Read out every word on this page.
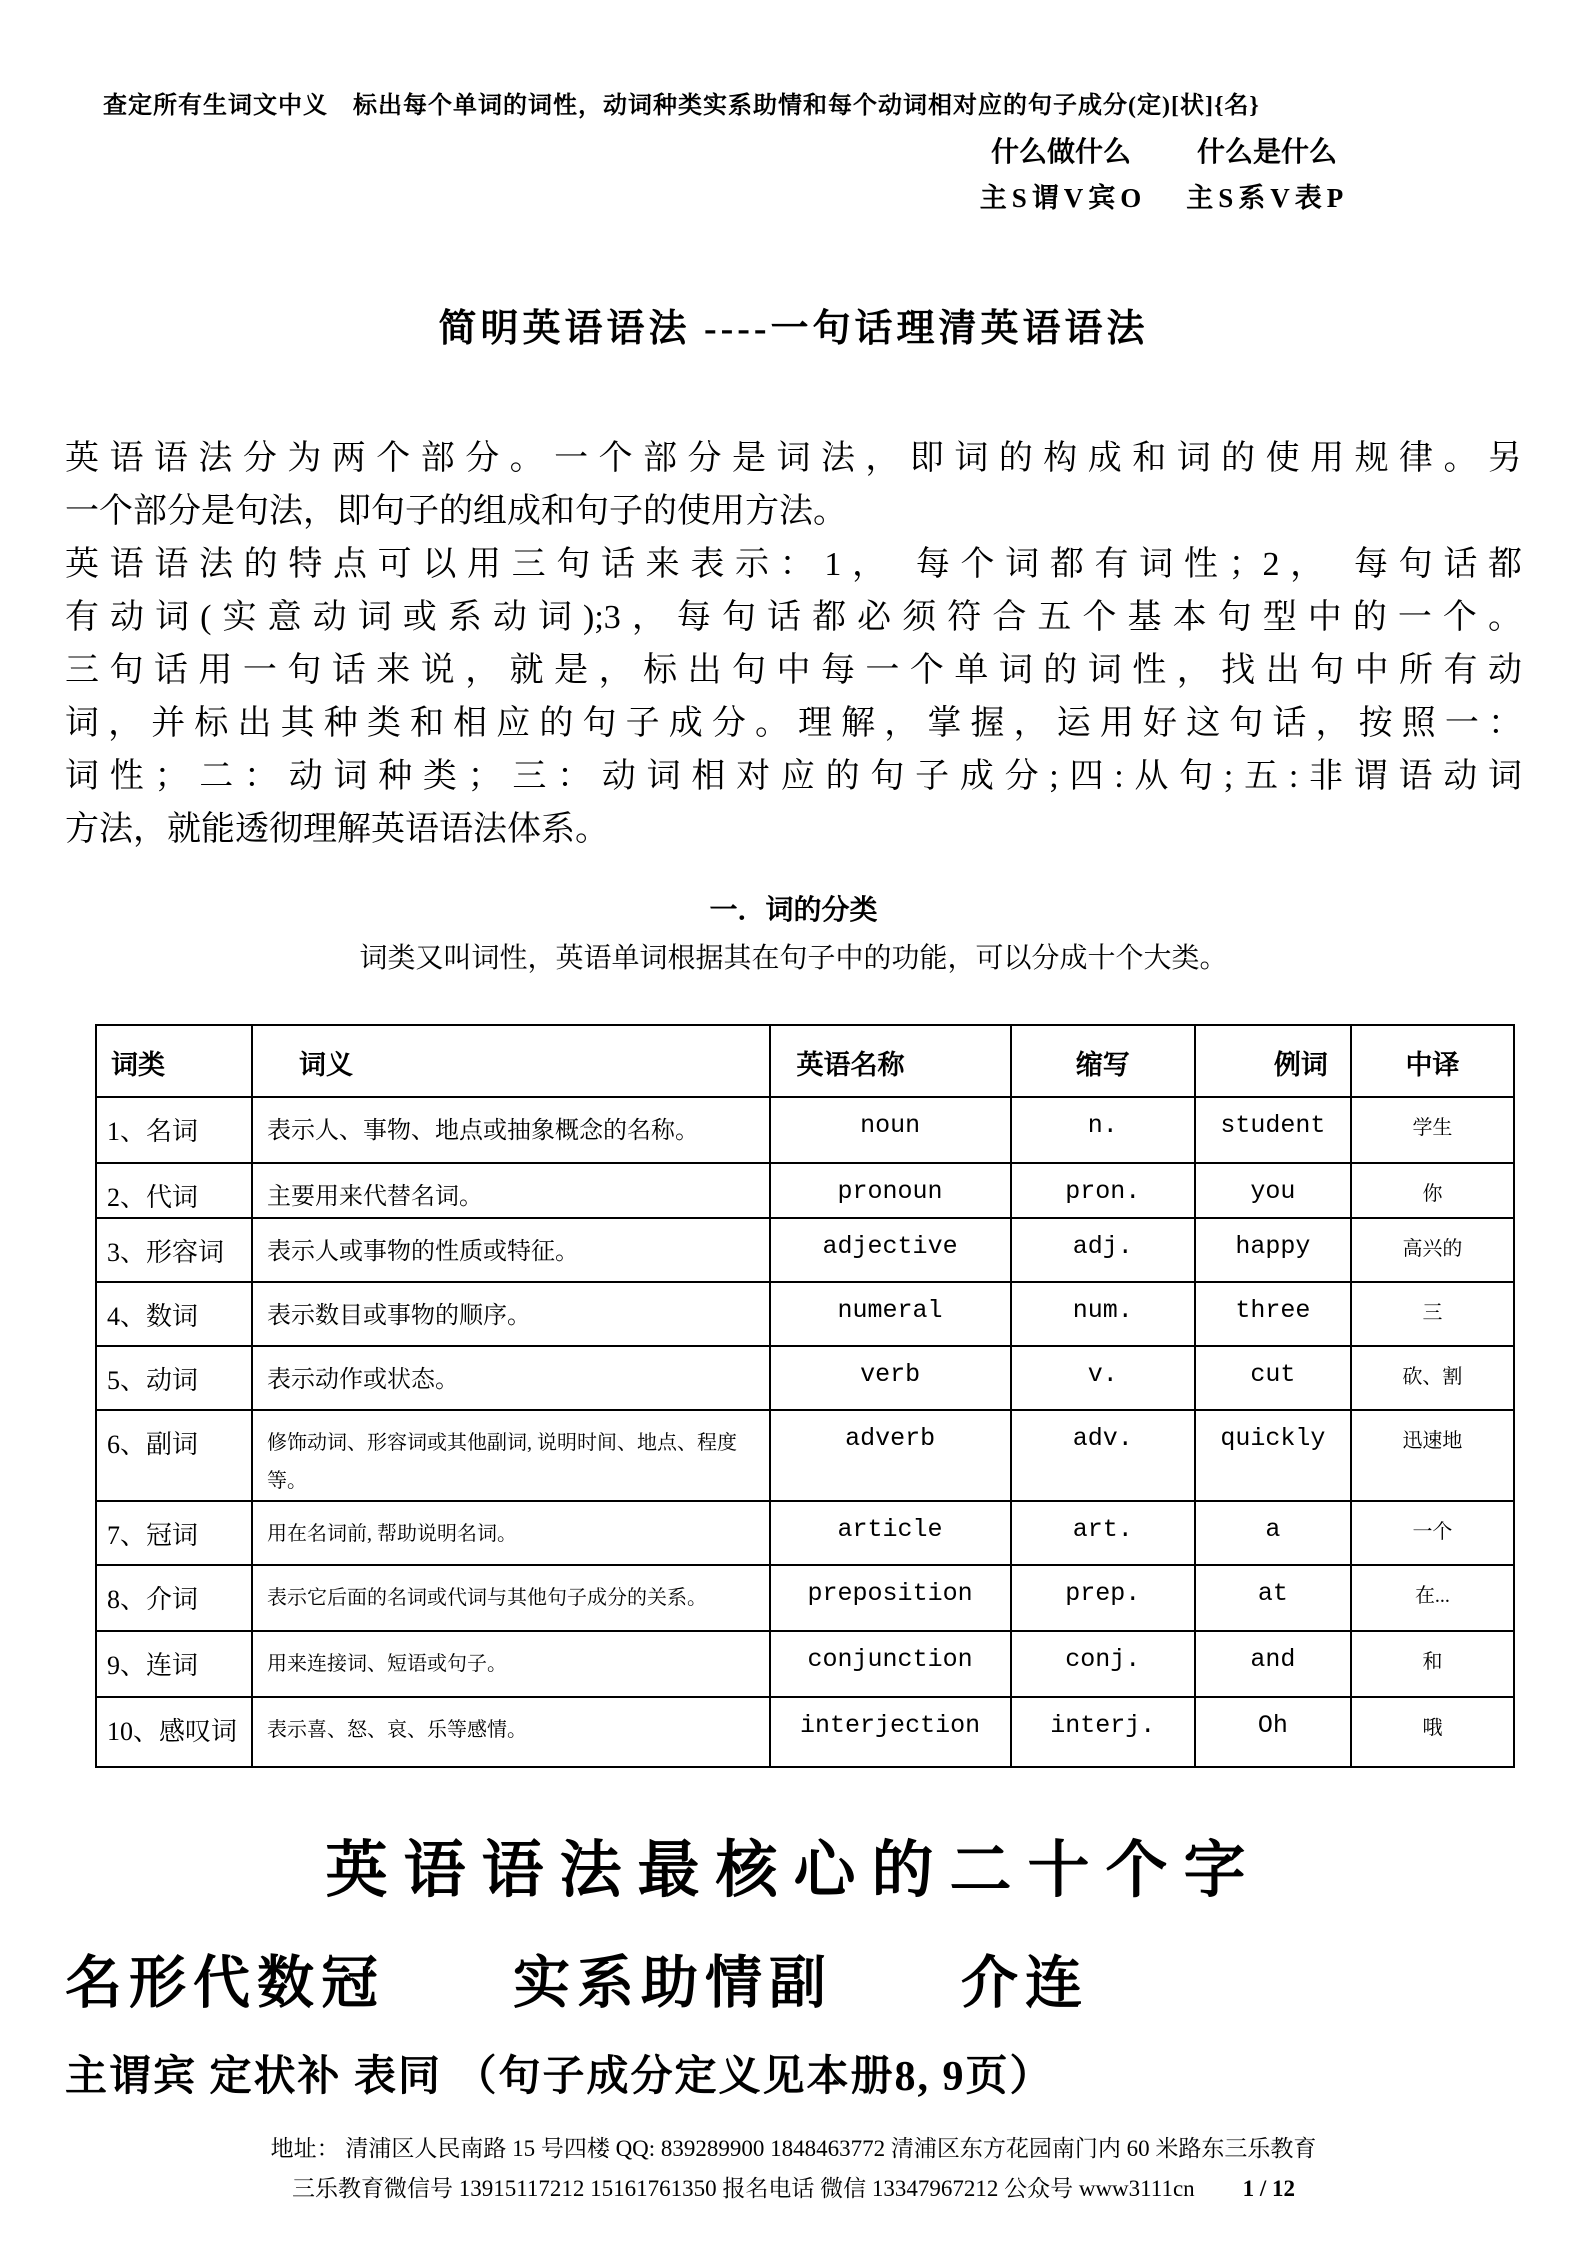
查定所有生词文中义　标出每个单词的词性，动词种类实系助情和每个动词相对应的句子成分(定)[状]{名}
什么做什么 什么是什么
主S谓V宾O 主S系V表P
简明英语语法 ----一句话理清英语语法
英语语法分为两个部分。一个部分是词法，即词的构成和词的使用规律。另
一个部分是句法，即句子的组成和句子的使用方法。
英语语法的特点可以用三句话来表示：1， 每个词都有词性；2， 每句话都
有动词(实意动词或系动词);3，每句话都必须符合五个基本句型中的一个。
三句话用一句话来说，就是，标出句中每一个单词的词性，找出句中所有动
词，并标出其种类和相应的句子成分。理解，掌握，运用好这句话，按照一：
词性；二：动词种类；三：动词相对应的句子成分;四:从句;五:非谓语动词
方法，就能透彻理解英语语法体系。
一．词的分类
词类又叫词性，英语单词根据其在句子中的功能，可以分成十个大类。
词类	词义	英语名称	缩写	例词	中译
1、名词	表示人、事物、地点或抽象概念的名称。	noun	n.	student	学生
2、代词	主要用来代替名词。	pronoun	pron.	you	你
3、形容词	表示人或事物的性质或特征。	adjective	adj.	happy	高兴的
4、数词	表示数目或事物的顺序。	numeral	num.	three	三
5、动词	表示动作或状态。	verb	v.	cut	砍、割
6、副词	修饰动词、形容词或其他副词, 说明时间、地点、程度等。	adverb	adv.	quickly	迅速地
7、冠词	用在名词前, 帮助说明名词。	article	art.	a	一个
8、介词	表示它后面的名词或代词与其他句子成分的关系。	preposition	prep.	at	在...
9、连词	用来连接词、短语或句子。	conjunction	conj.	and	和
10、感叹词	表示喜、怒、哀、乐等感情。	interjection	interj.	Oh	哦
英语语法最核心的二十个字
名形代数冠　　实系助情副　　介连
主谓宾 定状补 表同 （句子成分定义见本册8, 9页）
地址： 清浦区人民南路 15 号四楼 QQ: 839289900 1848463772 清浦区东方花园南门内 60 米路东三乐教育
三乐教育微信号 13915117212 15161761350 报名电话 微信 13347967212 公众号 www3111cn 1 / 12
